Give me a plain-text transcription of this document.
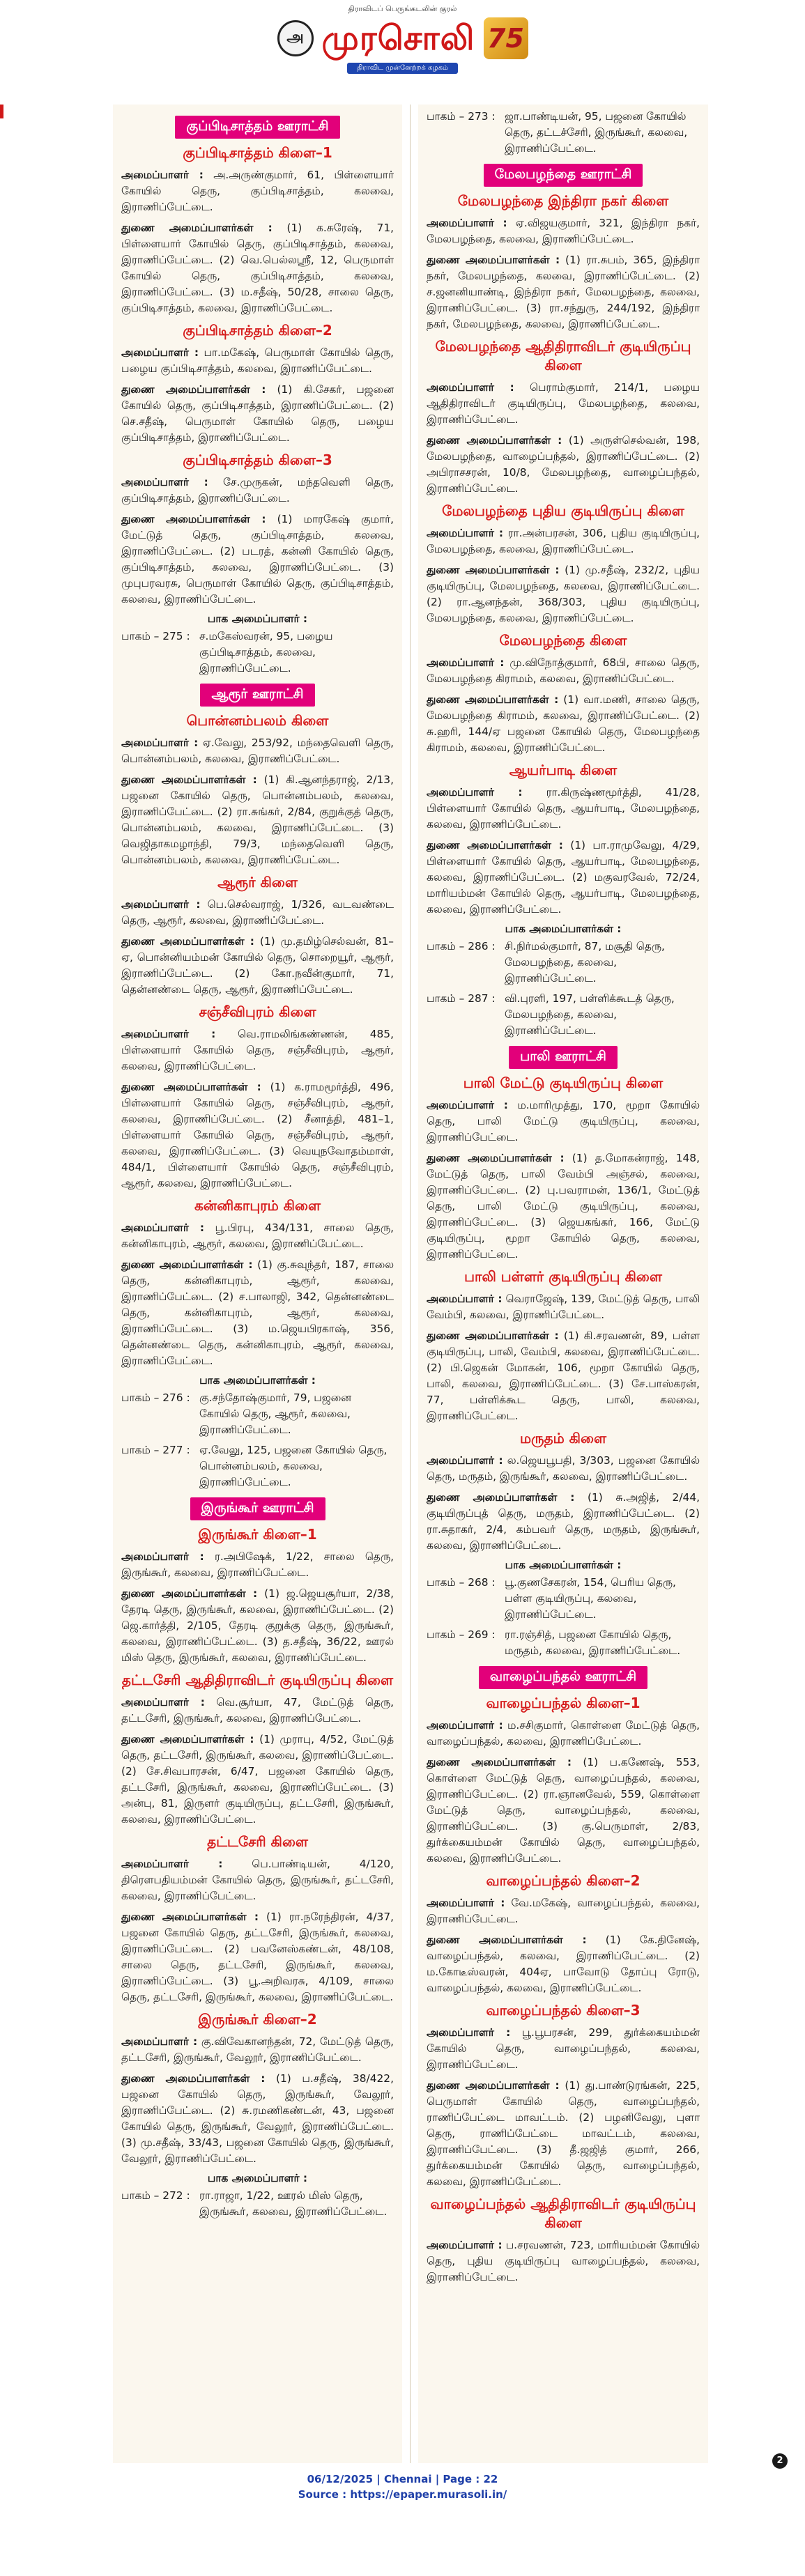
திராவிடப் பெருங்கடலின் குரல்
அ முரசொலி 75
திராவிட முன்னேற்றக் கழகம்
குப்பிடிசாத்தம் ஊராட்சி
குப்பிடிசாத்தம் கிளை–1

அமைப்பாளர் : அ.அருண்குமார், 61, பிள்ளையார் கோயில் தெரு, குப்பிடிசாத்தம், கலவை, இராணிப்பேட்டை.

துணை அமைப்பாளர்கள் : (1) க.சுரேஷ், 71, பிள்ளையார் கோயில் தெரு, குப்பிடிசாத்தம், கலவை, இராணிப்பேட்டை. (2) வெ.பெல்லஸ்ரீ, 12, பெருமாள் கோயில் தெரு, குப்பிடிசாத்தம், கலவை, இராணிப்பேட்டை. (3) ம.சதீஷ், 50/28, சாலை தெரு, குப்பிடிசாத்தம், கலவை, இராணிப்பேட்டை.

குப்பிடிசாத்தம் கிளை–2

அமைப்பாளர் : பா.மகேஷ், பெருமாள் கோயில் தெரு, பழைய குப்பிடிசாத்தம், கலவை, இராணிப்பேட்டை.

துணை அமைப்பாளர்கள் : (1) கி.சேகர், பஜனை கோயில் தெரு, குப்பிடிசாத்தம், இராணிப்பேட்டை. (2) செ.சதீஷ், பெருமாள் கோயில் தெரு, பழைய குப்பிடிசாத்தம், இராணிப்பேட்டை.

குப்பிடிசாத்தம் கிளை–3

அமைப்பாளர் : சே.முருகன், மந்தவெளி தெரு, குப்பிடிசாத்தம், இராணிப்பேட்டை.

துணை அமைப்பாளர்கள் : (1) மாரகேஷ் குமார், மேட்டுத் தெரு, குப்பிடிசாத்தம், கலவை, இராணிப்பேட்டை. (2) படரத், கன்னி கோயில் தெரு, குப்பிடிசாத்தம், கலவை, இராணிப்பேட்டை. (3) முபுபரவரசு, பெருமாள் கோயில் தெரு, குப்பிடிசாத்தம், கலவை, இராணிப்பேட்டை.

பாக அமைப்பாளர் :
பாகம் – 275 : ச.மகேஸ்வரன், 95, பழைய குப்பிடிசாத்தம், கலவை, இராணிப்பேட்டை.
ஆரூர் ஊராட்சி
பொன்னம்பலம் கிளை

அமைப்பாளர் : ஏ.வேலு, 253/92, மந்தைவெளி தெரு, பொன்னம்பலம், கலவை, இராணிப்பேட்டை.

துணை அமைப்பாளர்கள் : (1) கி.ஆனந்தராஜ், 2/13, பஜனை கோயில் தெரு, பொன்னம்பலம், கலவை, இராணிப்பேட்டை. (2) ரா.சுங்கர், 2/84, குறுக்குத் தெரு, பொன்னம்பலம், கலவை, இராணிப்பேட்டை. (3) வெஜிதாகமழாந்தி, 79/3, மந்தைவெளி தெரு, பொன்னம்பலம், கலவை, இராணிப்பேட்டை.

ஆரூர் கிளை

அமைப்பாளர் : பெ.செல்வராஜ், 1/326, வடவண்டை தெரு, ஆரூர், கலவை, இராணிப்பேட்டை.

துணை அமைப்பாளர்கள் : (1) மு.தமிழ்செல்வன், 81–ஏ, பொன்னியம்மன் கோயில் தெரு, சொறையூர், ஆரூர், இராணிப்பேட்டை. (2) கோ.நவீன்குமார், 71, தென்னண்டை தெரு, ஆரூர், இராணிப்பேட்டை.

சஞ்சீவிபுரம் கிளை

அமைப்பாளர் : வெ.ராமலிங்கண்ணன், 485, பிள்ளையார் கோயில் தெரு, சஞ்சீவிபுரம், ஆரூர், கலவை, இராணிப்பேட்டை.

துணை அமைப்பாளர்கள் : (1) க.ராமமூர்த்தி, 496, பிள்ளையார் கோயில் தெரு, சஞ்சீவிபுரம், ஆரூர், கலவை, இராணிப்பேட்டை. (2) சீனாத்தி, 481–1, பிள்ளையார் கோயில் தெரு, சஞ்சீவிபுரம், ஆரூர், கலவை, இராணிப்பேட்டை. (3) வெயுநவோதம்மாள், 484/1, பிள்ளையார் கோயில் தெரு, சஞ்சீவிபுரம், ஆரூர், கலவை, இராணிப்பேட்டை.

கன்னிகாபுரம் கிளை

அமைப்பாளர் : பூ.பிரபு, 434/131, சாலை தெரு, கன்னிகாபுரம், ஆரூர், கலவை, இராணிப்பேட்டை.

துணை அமைப்பாளர்கள் : (1) கு.சுவுந்தர், 187, சாலை தெரு, கன்னிகாபுரம், ஆரூர், கலவை, இராணிப்பேட்டை. (2) ச.பாலாஜி, 342, தென்னண்டை தெரு, கன்னிகாபுரம், ஆரூர், கலவை, இராணிப்பேட்டை. (3) ம.ஜெயபிரகாஷ், 356, தென்னண்டை தெரு, கன்னிகாபுரம், ஆரூர், கலவை, இராணிப்பேட்டை.

பாக அமைப்பாளர்கள் :
பாகம் – 276 : கு.சந்தோஷ்குமார், 79, பஜனை கோயில் தெரு, ஆரூர், கலவை, இராணிப்பேட்டை.
பாகம் – 277 : ஏ.வேலு, 125, பஜனை கோயில் தெரு, பொன்னம்பலம், கலவை, இராணிப்பேட்டை.
இருங்கூர் ஊராட்சி
இருங்கூர் கிளை–1

அமைப்பாளர் : ர.அபிஷேக், 1/22, சாலை தெரு, இருங்கூர், கலவை, இராணிப்பேட்டை.

துணை அமைப்பாளர்கள் : (1) ஜ.ஜெயசூர்யா, 2/38, தேரடி தெரு, இருங்கூர், கலவை, இராணிப்பேட்டை. (2) ஜெ.கார்த்தி, 2/105, தேரடி குறுக்கு தெரு, இருங்கூர், கலவை, இராணிப்பேட்டை. (3) த.சதீஷ், 36/22, ஊரல் மிஸ் தெரு, இருங்கூர், கலவை, இராணிப்பேட்டை.

தட்டசேரி ஆதிதிராவிடர் குடியிருப்பு கிளை

அமைப்பாளர் : வெ.சூர்யா, 47, மேட்டுத் தெரு, தட்டசேரி, இருங்கூர், கலவை, இராணிப்பேட்டை.

துணை அமைப்பாளர்கள் : (1) முராபு, 4/52, மேட்டுத் தெரு, தட்டசேரி, இருங்கூர், கலவை, இராணிப்பேட்டை. (2) சே.சிவபாரசன், 6/47, பஜனை கோயில் தெரு, தட்டசேரி, இருங்கூர், கலவை, இராணிப்பேட்டை. (3) அன்பு, 81, இருளர் குடியிருப்பு, தட்டசேரி, இருங்கூர், கலவை, இராணிப்பேட்டை.

தட்டசேரி கிளை

அமைப்பாளர் : பெ.பாண்டியன், 4/120, திரௌபதியம்மன் கோயில் தெரு, இருங்கூர், தட்டசேரி, கலவை, இராணிப்பேட்டை.

துணை அமைப்பாளர்கள் : (1) ரா.நரேந்திரன், 4/37, பஜனை கோயில் தெரு, தட்டசேரி, இருங்கூர், கலவை, இராணிப்பேட்டை. (2) பவனேஸ்கண்டன், 48/108, சாலை தெரு, தட்டசேரி, இருங்கூர், கலவை, இராணிப்பேட்டை. (3) பூ.அறிவரசு, 4/109, சாலை தெரு, தட்டசேரி, இருங்கூர், கலவை, இராணிப்பேட்டை.

இருங்கூர் கிளை–2

அமைப்பாளர் : கு.விவேகானந்தன், 72, மேட்டுத் தெரு, தட்டசேரி, இருங்கூர், வேலூர், இராணிப்பேட்டை.

துணை அமைப்பாளர்கள் : (1) ப.சதீஷ், 38/422, பஜனை கோயில் தெரு, இருங்கூர், வேலூர், இராணிப்பேட்டை. (2) சு.ரமணிகண்டன், 43, பஜனை கோயில் தெரு, இருங்கூர், வேலூர், இராணிப்பேட்டை. (3) மு.சதீஷ், 33/43, பஜனை கோயில் தெரு, இருங்கூர், வேலூர், இராணிப்பேட்டை.

பாக அமைப்பாளர் :
பாகம் – 272 : ரா.ராஜா, 1/22, ஊரல் மிஸ் தெரு, இருங்கூர், கலவை, இராணிப்பேட்டை.
பாகம் – 273 : ஜா.பாண்டியன், 95, பஜனை கோயில் தெரு, தட்டச்சேரி, இருங்கூர், கலவை, இராணிப்பேட்டை.
மேலபழந்தை ஊராட்சி
மேலபழந்தை இந்திரா நகர் கிளை

அமைப்பாளர் : ஏ.விஜயகுமார், 321, இந்திரா நகர், மேலபழந்தை, கலவை, இராணிப்பேட்டை.

துணை அமைப்பாளர்கள் : (1) ரா.சுபம், 365, இந்திரா நகர், மேலபழந்தை, கலவை, இராணிப்பேட்டை. (2) ச.ஜனனியாண்டி, இந்திரா நகர், மேலபழந்தை, கலவை, இராணிப்பேட்டை. (3) ரா.சந்துரு, 244/192, இந்திரா நகர், மேலபழந்தை, கலவை, இராணிப்பேட்டை.

மேலபழந்தை ஆதிதிராவிடர் குடியிருப்பு கிளை

அமைப்பாளர் : பெராம்குமார், 214/1, பழைய ஆதிதிராவிடர் குடியிருப்பு, மேலபழந்தை, கலவை, இராணிப்பேட்டை.

துணை அமைப்பாளர்கள் : (1) அருள்செல்வன், 198, மேலபழந்தை, வாழைப்பந்தல், இராணிப்பேட்டை. (2) அபிராசசரன், 10/8, மேலபழந்தை, வாழைப்பந்தல், இராணிப்பேட்டை.

மேலபழந்தை புதிய குடியிருப்பு கிளை

அமைப்பாளர் : ரா.அன்பரசன், 306, புதிய குடியிருப்பு, மேலபழந்தை, கலவை, இராணிப்பேட்டை.

துணை அமைப்பாளர்கள் : (1) மு.சதீஷ், 232/2, புதிய குடியிருப்பு, மேலபழந்தை, கலவை, இராணிப்பேட்டை. (2) ரா.ஆனந்தன், 368/303, புதிய குடியிருப்பு, மேலபழந்தை, கலவை, இராணிப்பேட்டை.

மேலபழந்தை கிளை

அமைப்பாளர் : மு.விநோத்குமார், 68பி, சாலை தெரு, மேலபழந்தை கிராமம், கலவை, இராணிப்பேட்டை.

துணை அமைப்பாளர்கள் : (1) வா.மணி, சாலை தெரு, மேலபழந்தை கிராமம், கலவை, இராணிப்பேட்டை. (2) சு.ஹரி, 144/ஏ பஜனை கோயில் தெரு, மேலபழந்தை கிராமம், கலவை, இராணிப்பேட்டை.

ஆயர்பாடி கிளை

அமைப்பாளர் : ரா.கிருஷ்ணமூர்த்தி, 41/28, பிள்ளையார் கோயில் தெரு, ஆயர்பாடி, மேலபழந்தை, கலவை, இராணிப்பேட்டை.

துணை அமைப்பாளர்கள் : (1) பா.ராமுவேலு, 4/29, பிள்ளையார் கோயில் தெரு, ஆயர்பாடி, மேலபழந்தை, கலவை, இராணிப்பேட்டை. (2) மகுவரவேல், 72/24, மாரியம்மன் கோயில் தெரு, ஆயர்பாடி, மேலபழந்தை, கலவை, இராணிப்பேட்டை.

பாக அமைப்பாளர்கள் :
பாகம் – 286 : சி.நிர்மல்குமார், 87, மசூதி தெரு, மேலபழந்தை, கலவை, இராணிப்பேட்டை.
பாகம் – 287 : வி.புரளி, 197, பள்ளிக்கூடத் தெரு, மேலபழந்தை, கலவை, இராணிப்பேட்டை.
பாலி ஊராட்சி
பாலி மேட்டு குடியிருப்பு கிளை

அமைப்பாளர் : ம.மாரிமுத்து, 170, மூறா கோயில் தெரு, பாலி மேட்டு குடியிருப்பு, கலவை, இராணிப்பேட்டை.

துணை அமைப்பாளர்கள் : (1) த.மோகன்ராஜ், 148, மேட்டுத் தெரு, பாலி வேம்பி அஞ்சல், கலவை, இராணிப்பேட்டை. (2) பு.பவராமன், 136/1, மேட்டுத் தெரு, பாலி மேட்டு குடியிருப்பு, கலவை, இராணிப்பேட்டை. (3) ஜெயகங்கர், 166, மேட்டு குடியிருப்பு, மூறா கோயில் தெரு, கலவை, இராணிப்பேட்டை.

பாலி பள்ளர் குடியிருப்பு கிளை

அமைப்பாளர் : வெராஜேஷ், 139, மேட்டுத் தெரு, பாலி வேம்பி, கலவை, இராணிப்பேட்டை.

துணை அமைப்பாளர்கள் : (1) கி.சரவணன், 89, பள்ள குடியிருப்பு, பாலி, வேம்பி, கலவை, இராணிப்பேட்டை. (2) பி.ஜெகன் மோகன், 106, மூறா கோயில் தெரு, பாலி, கலவை, இராணிப்பேட்டை. (3) சே.பாஸ்கரன், 77, பள்ளிக்கூட தெரு, பாலி, கலவை, இராணிப்பேட்டை.

மருதம் கிளை

அமைப்பாளர் : ல.ஜெயபூபதி, 3/303, பஜனை கோயில் தெரு, மருதம், இருங்கூர், கலவை, இராணிப்பேட்டை.

துணை அமைப்பாளர்கள் : (1) சு.அஜித், 2/44, குடியிருப்புத் தெரு, மருதம், இராணிப்பேட்டை. (2) ரா.சுதாகர், 2/4, கம்பவர் தெரு, மருதம், இருங்கூர், கலவை, இராணிப்பேட்டை.

பாக அமைப்பாளர்கள் :
பாகம் – 268 : பூ.குணசேகரன், 154, பெரிய தெரு, பள்ள குடியிருப்பு, கலவை, இராணிப்பேட்டை.
பாகம் – 269 : ரா.ரஞ்சித், பஜனை கோயில் தெரு, மருதம், கலவை, இராணிப்பேட்டை.
வாழைப்பந்தல் ஊராட்சி
வாழைப்பந்தல் கிளை–1

அமைப்பாளர் : ம.சசிகுமார், கொள்ளை மேட்டுத் தெரு, வாழைப்பந்தல், கலவை, இராணிப்பேட்டை.

துணை அமைப்பாளர்கள் : (1) ப.கணேஷ், 553, கொள்ளை மேட்டுத் தெரு, வாழைப்பந்தல், கலவை, இராணிப்பேட்டை. (2) ரா.ஞானவேல், 559, கொள்ளை மேட்டுத் தெரு, வாழைப்பந்தல், கலவை, இராணிப்பேட்டை. (3) கு.பெருமாள், 2/83, துர்க்கையம்மன் கோயில் தெரு, வாழைப்பந்தல், கலவை, இராணிப்பேட்டை.

வாழைப்பந்தல் கிளை–2

அமைப்பாளர் : வே.மகேஷ், வாழைப்பந்தல், கலவை, இராணிப்பேட்டை.

துணை அமைப்பாளர்கள் : (1) கே.தினேஷ், வாழைப்பந்தல், கலவை, இராணிப்பேட்டை. (2) ம.கோடீஸ்வரன், 404ஏ, பாவோடு தோப்பு ரோடு, வாழைப்பந்தல், கலவை, இராணிப்பேட்டை.

வாழைப்பந்தல் கிளை–3

அமைப்பாளர் : பூ.பூபரசன், 299, துர்க்கையம்மன் கோயில் தெரு, வாழைப்பந்தல், கலவை, இராணிப்பேட்டை.

துணை அமைப்பாளர்கள் : (1) து.பாண்டுரங்கன், 225, பெருமாள் கோயில் தெரு, வாழைப்பந்தல், ராணிப்பேட்டை மாவட்டம். (2) பழனிவேலு, புளா தெரு, ராணிப்பேட்டை மாவட்டம், கலவை, இராணிப்பேட்டை. (3) தீ.ஜஜித் குமார், 266, துர்க்கையம்மன் கோயில் தெரு, வாழைப்பந்தல், கலவை, இராணிப்பேட்டை.

வாழைப்பந்தல் ஆதிதிராவிடர் குடியிருப்பு கிளை

அமைப்பாளர் : ப.சரவணன், 723, மாரியம்மன் கோயில் தெரு, புதிய குடியிருப்பு வாழைப்பந்தல், கலவை, இராணிப்பேட்டை.

2
06/12/2025 | Chennai | Page : 22
Source : https://epaper.murasoli.in/
